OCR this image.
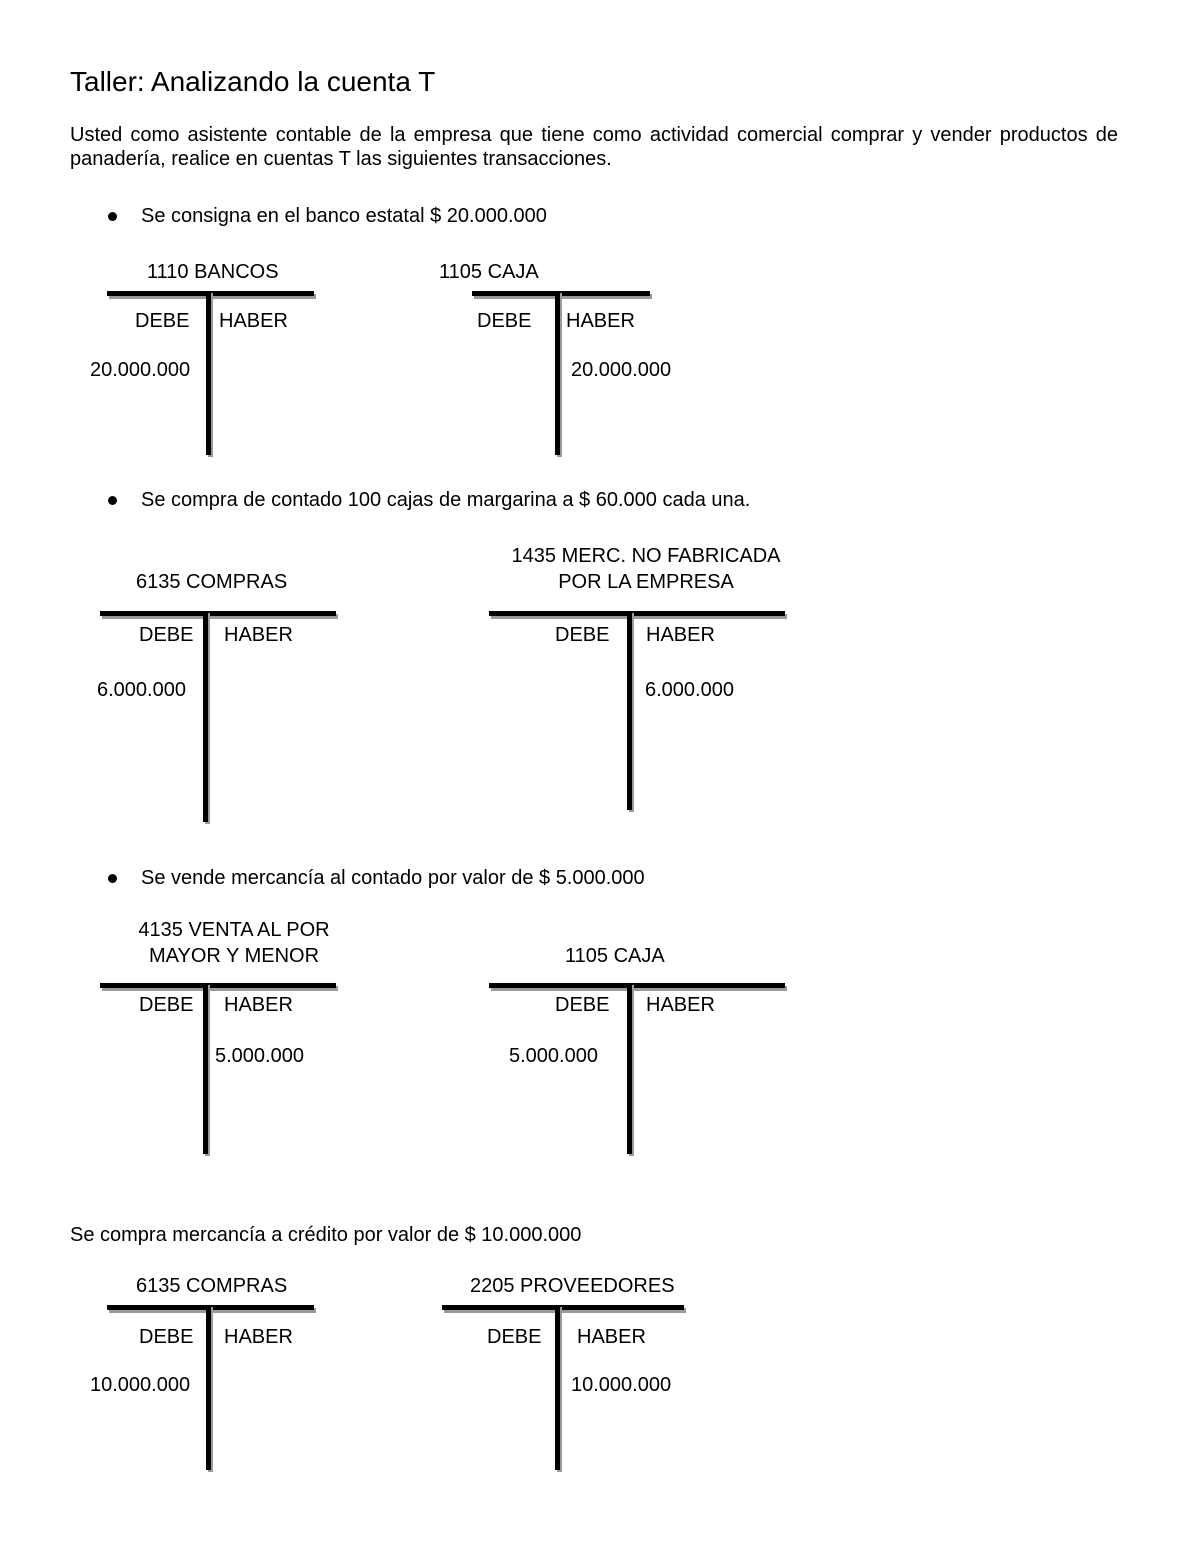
Taller: Analizando la cuenta T
Usted como asistente contable de la empresa que tiene como actividad comercial comprar y vender productos de panadería, realice en cuentas T las siguientes transacciones.
Se consigna en el banco estatal $ 20.000.000
1110 BANCOS
DEBE HABER
20.000.000
1105 CAJA
DEBE HABER
20.000.000
Se compra de contado 100 cajas de margarina a $ 60.000 cada una.
6135 COMPRAS
DEBE HABER
6.000.000
1435 MERC. NO FABRICADA
POR LA EMPRESA
DEBE HABER
6.000.000
Se vende mercancía al contado por valor de $ 5.000.000
4135 VENTA AL POR
MAYOR Y MENOR
DEBE HABER
5.000.000
1105 CAJA
DEBE HABER
5.000.000
Se compra mercancía a crédito por valor de $ 10.000.000
6135 COMPRAS
DEBE HABER
10.000.000
2205 PROVEEDORES
DEBE HABER
10.000.000
